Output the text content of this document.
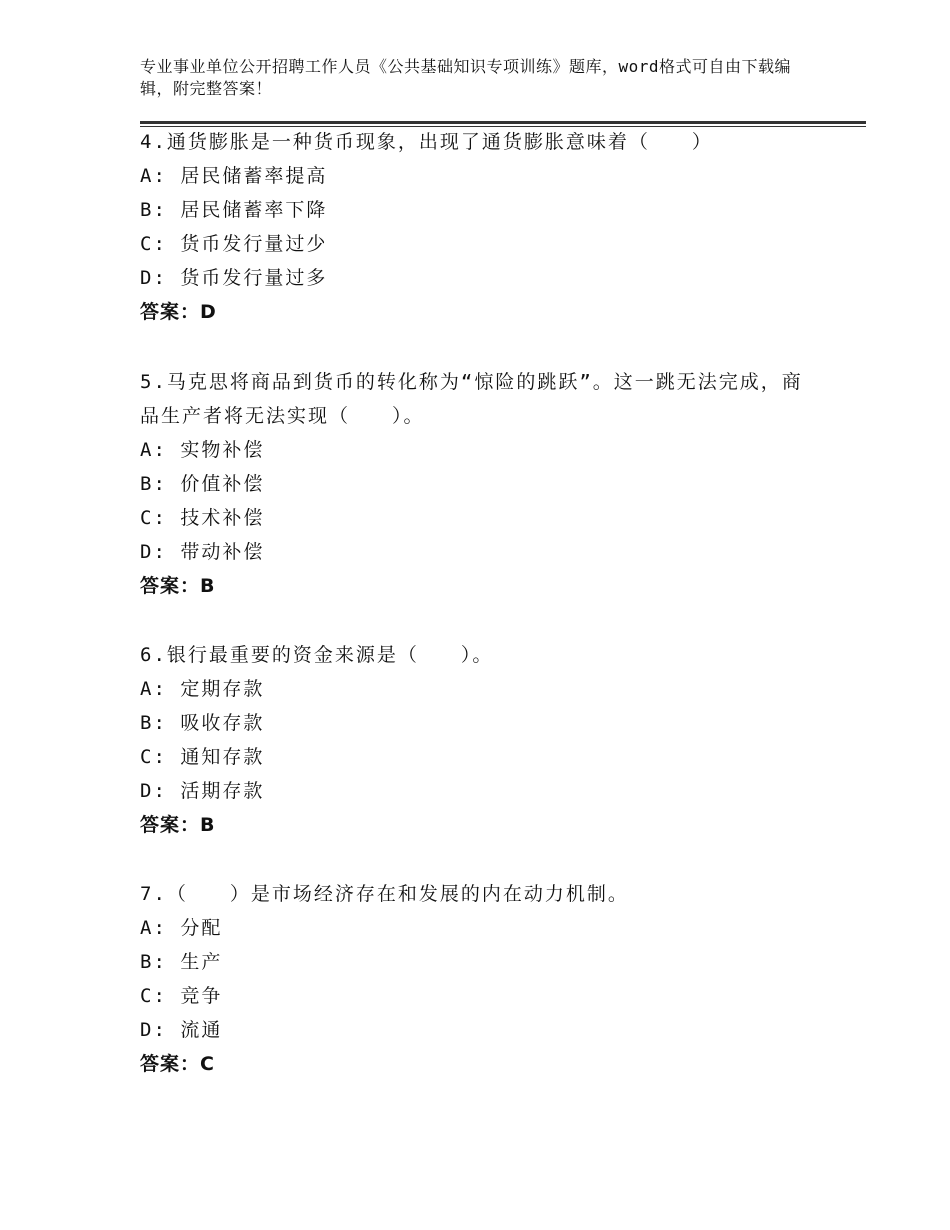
专业事业单位公开招聘工作人员《公共基础知识专项训练》题库，word格式可自由下载编辑，附完整答案！
4.通货膨胀是一种货币现象，出现了通货膨胀意味着（　　）
A: 居民储蓄率提高
B: 居民储蓄率下降
C: 货币发行量过少
D: 货币发行量过多
答案：D
5.马克思将商品到货币的转化称为“惊险的跳跃”。这一跳无法完成，商品生产者将无法实现（　　）。
A: 实物补偿
B: 价值补偿
C: 技术补偿
D: 带动补偿
答案：B
6.银行最重要的资金来源是（　　）。
A: 定期存款
B: 吸收存款
C: 通知存款
D: 活期存款
答案：B
7.（　　）是市场经济存在和发展的内在动力机制。
A: 分配
B: 生产
C: 竞争
D: 流通
答案：C
